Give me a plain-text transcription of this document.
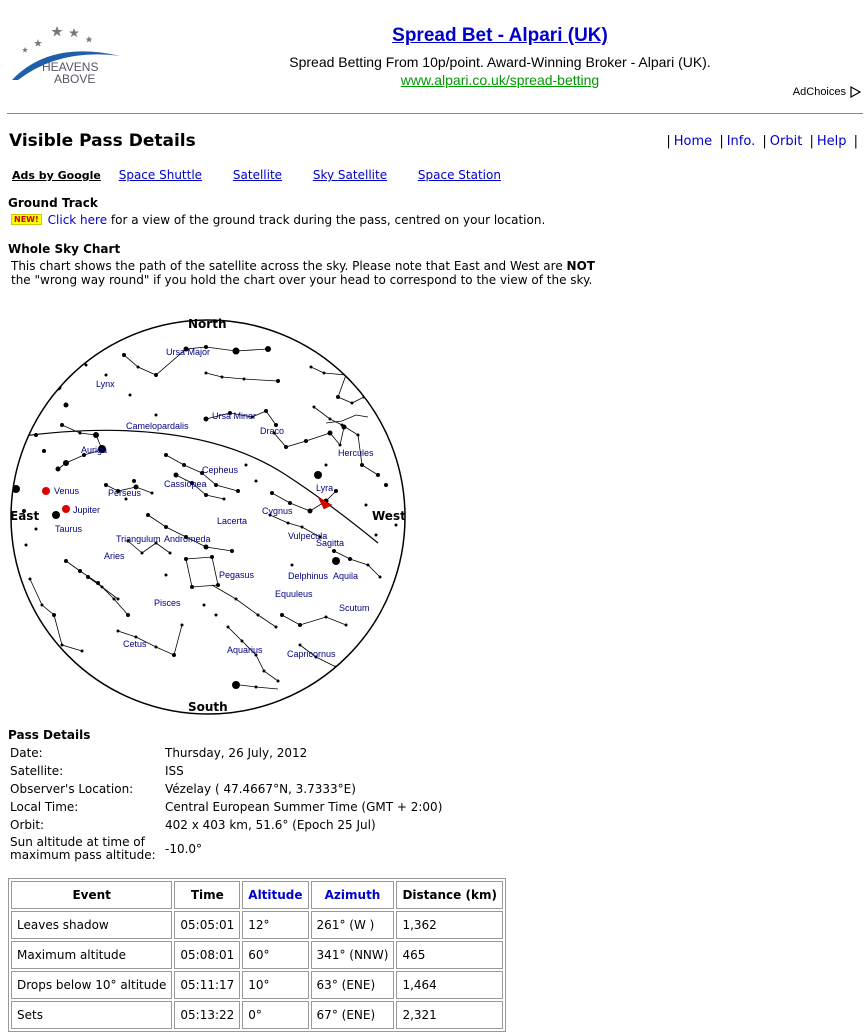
HEAVENS
ABOVE
Spread Bet - Alpari (UK)
Spread Betting From 10p/point. Award-Winning Broker - Alpari (UK).
www.alpari.co.uk/spread-betting
AdChoices
Visible Pass Details	| Home | Info. | Orbit | Help |
Ads by Google Space Shuttle	Satellite	Sky Satellite	Space Station
Ground Track
NEW! Click here for a view of the ground track during the pass, centred on your location.
Whole Sky Chart
This chart shows the path of the satellite across the sky. Please note that East and West are NOT the "wrong way round" if you hold the chart over your head to correspond to the view of the sky.
Ursa Major
Lynx
Camelopardalis
Ursa Minor
Draco
Hercules
Auriga
Cepheus
Venus	Perseus
Cassiopea	Lyra
Jupiter	Cygnus
Lacerta
Taurus
Triangulum Andromeda	Vulpecula
Sagitta
Aries
Pegasus	Delphinus Aquila
Equuleus
Pisces	Scutum
Cetus
Aquarius	Capricornus
North
South
East	West
Pass Details
Date:	Thursday, 26 July, 2012
Satellite:	ISS
Observer's Location:	Vézelay ( 47.4667°N, 3.7333°E)
Local Time:	Central European Summer Time (GMT + 2:00)
Orbit:	402 x 403 km, 51.6° (Epoch 25 Jul)
Sun altitude at time of maximum pass altitude:	-10.0°
Event	Time	Altitude	Azimuth	Distance (km)
Leaves shadow	05:05:01	12°	261° (W )	1,362
Maximum altitude	05:08:01	60°	341° (NNW)	465
Drops below 10° altitude	05:11:17	10°	63° (ENE)	1,464
Sets	05:13:22	0°	67° (ENE)	2,321
